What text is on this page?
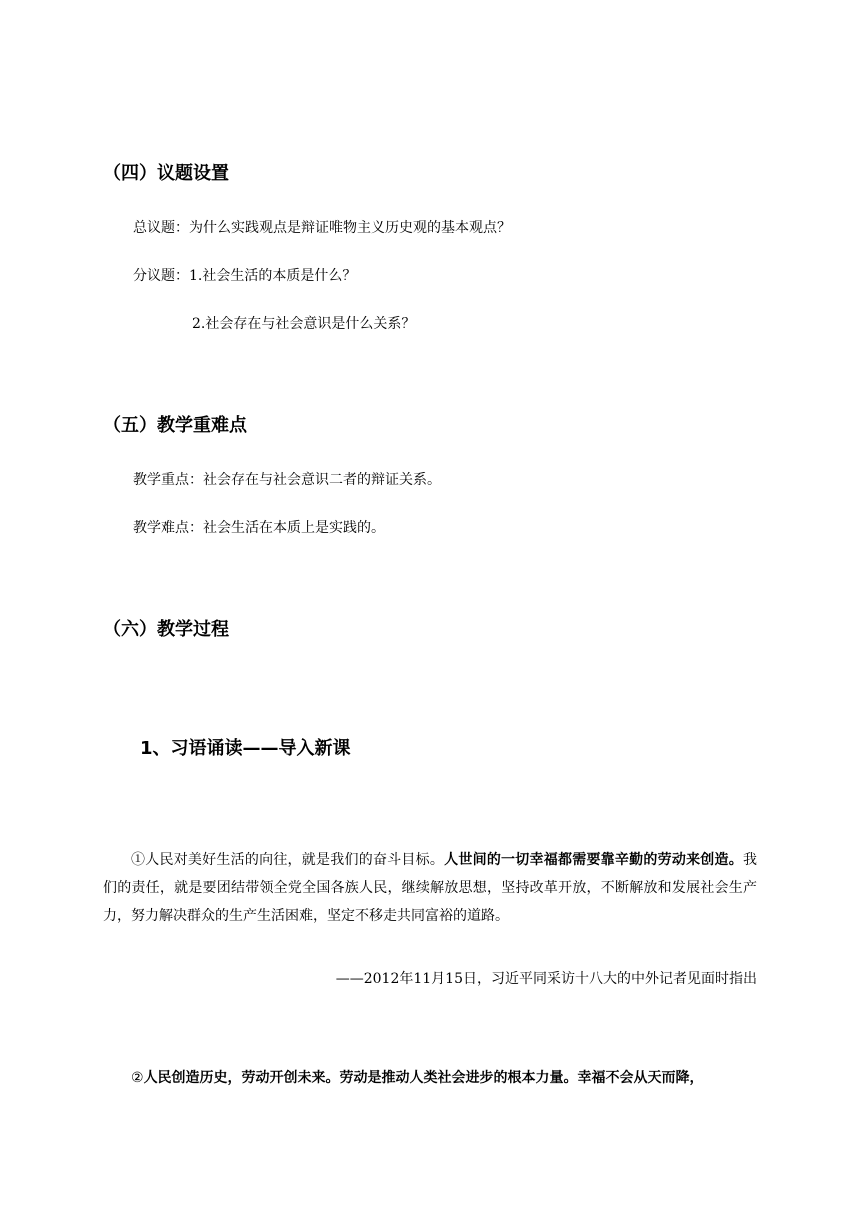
（四）议题设置
总议题：为什么实践观点是辩证唯物主义历史观的基本观点？
分议题：1.社会生活的本质是什么？
2.社会存在与社会意识是什么关系？
（五）教学重难点
教学重点：社会存在与社会意识二者的辩证关系。
教学难点：社会生活在本质上是实践的。
（六）教学过程
1、习语诵读——导入新课
①人民对美好生活的向往，就是我们的奋斗目标。人世间的一切幸福都需要靠辛勤的劳动来创造。我们的责任，就是要团结带领全党全国各族人民，继续解放思想，坚持改革开放，不断解放和发展社会生产力，努力解决群众的生产生活困难，坚定不移走共同富裕的道路。
——2012年11月15日，习近平同采访十八大的中外记者见面时指出
②人民创造历史，劳动开创未来。劳动是推动人类社会进步的根本力量。幸福不会从天而降，
